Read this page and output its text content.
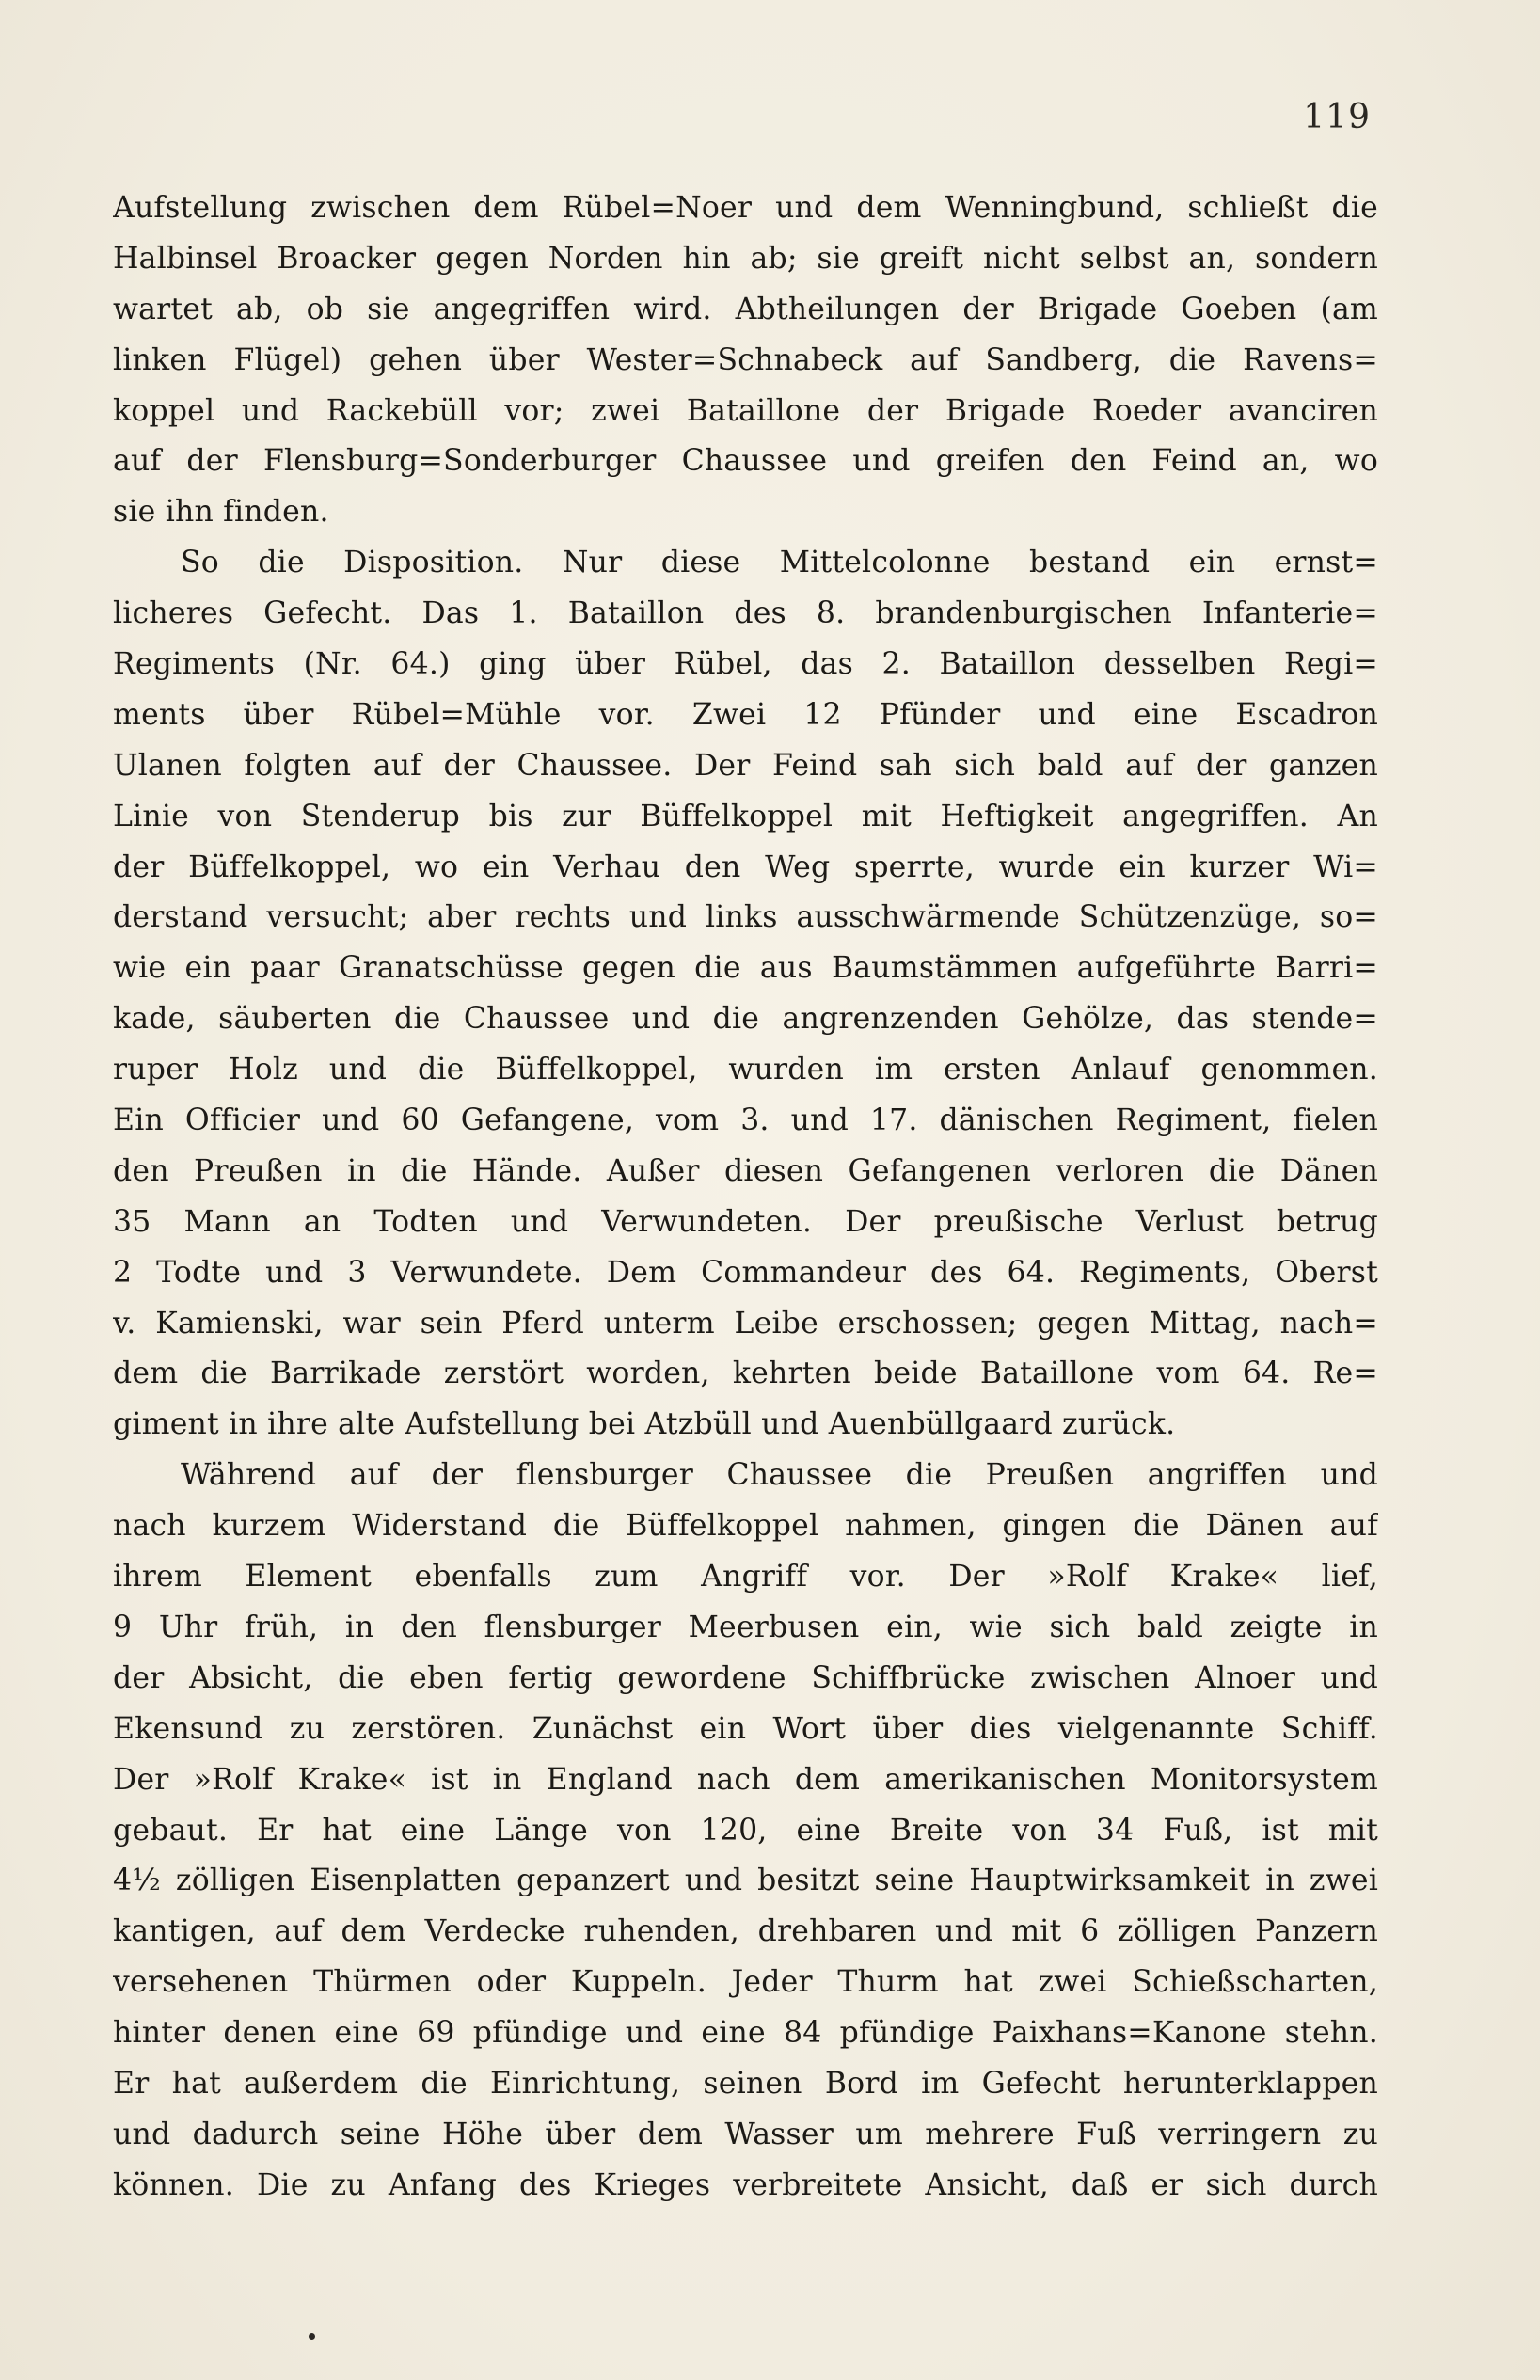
119
Aufstellung zwischen dem Rübel=Noer und dem Wenningbund, schließt die
Halbinsel Broacker gegen Norden hin ab; sie greift nicht selbst an, sondern
wartet ab, ob sie angegriffen wird. Abtheilungen der Brigade Goeben (am
linken Flügel) gehen über Wester=Schnabeck auf Sandberg, die Ravens=
koppel und Rackebüll vor; zwei Bataillone der Brigade Roeder avanciren
auf der Flensburg=Sonderburger Chaussee und greifen den Feind an, wo
sie ihn finden.
So die Disposition. Nur diese Mittelcolonne bestand ein ernst=
licheres Gefecht. Das 1. Bataillon des 8. brandenburgischen Infanterie=
Regiments (Nr. 64.) ging über Rübel, das 2. Bataillon desselben Regi=
ments über Rübel=Mühle vor. Zwei 12 Pfünder und eine Escadron
Ulanen folgten auf der Chaussee. Der Feind sah sich bald auf der ganzen
Linie von Stenderup bis zur Büffelkoppel mit Heftigkeit angegriffen. An
der Büffelkoppel, wo ein Verhau den Weg sperrte, wurde ein kurzer Wi=
derstand versucht; aber rechts und links ausschwärmende Schützenzüge, so=
wie ein paar Granatschüsse gegen die aus Baumstämmen aufgeführte Barri=
kade, säuberten die Chaussee und die angrenzenden Gehölze, das stende=
ruper Holz und die Büffelkoppel, wurden im ersten Anlauf genommen.
Ein Officier und 60 Gefangene, vom 3. und 17. dänischen Regiment, fielen
den Preußen in die Hände. Außer diesen Gefangenen verloren die Dänen
35 Mann an Todten und Verwundeten. Der preußische Verlust betrug
2 Todte und 3 Verwundete. Dem Commandeur des 64. Regiments, Oberst
v. Kamienski, war sein Pferd unterm Leibe erschossen; gegen Mittag, nach=
dem die Barrikade zerstört worden, kehrten beide Bataillone vom 64. Re=
giment in ihre alte Aufstellung bei Atzbüll und Auenbüllgaard zurück.
Während auf der flensburger Chaussee die Preußen angriffen und
nach kurzem Widerstand die Büffelkoppel nahmen, gingen die Dänen auf
ihrem Element ebenfalls zum Angriff vor. Der »Rolf Krake« lief,
9 Uhr früh, in den flensburger Meerbusen ein, wie sich bald zeigte in
der Absicht, die eben fertig gewordene Schiffbrücke zwischen Alnoer und
Ekensund zu zerstören. Zunächst ein Wort über dies vielgenannte Schiff.
Der »Rolf Krake« ist in England nach dem amerikanischen Monitorsystem
gebaut. Er hat eine Länge von 120, eine Breite von 34 Fuß, ist mit
4½ zölligen Eisenplatten gepanzert und besitzt seine Hauptwirksamkeit in zwei
kantigen, auf dem Verdecke ruhenden, drehbaren und mit 6 zölligen Panzern
versehenen Thürmen oder Kuppeln. Jeder Thurm hat zwei Schießscharten,
hinter denen eine 69 pfündige und eine 84 pfündige Paixhans=Kanone stehn.
Er hat außerdem die Einrichtung, seinen Bord im Gefecht herunterklappen
und dadurch seine Höhe über dem Wasser um mehrere Fuß verringern zu
können. Die zu Anfang des Krieges verbreitete Ansicht, daß er sich durch
